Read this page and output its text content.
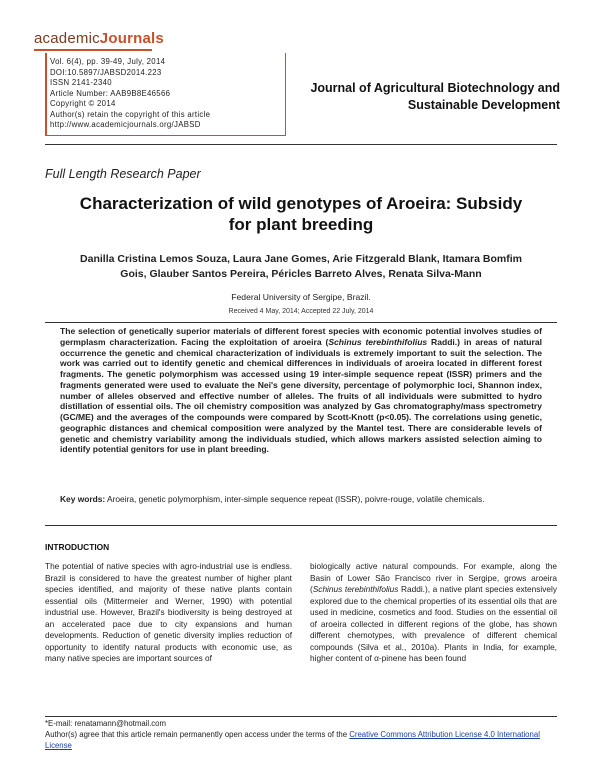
academicJournals
Vol. 6(4), pp. 39-49, July, 2014
DOI:10.5897/JABSD2014.223
ISSN 2141-2340
Article Number: AAB9B8E46566
Copyright © 2014
Author(s) retain the copyright of this article
http://www.academicjournals.org/JABSD
Journal of Agricultural Biotechnology and
Sustainable Development
Full Length Research Paper
Characterization of wild genotypes of Aroeira: Subsidy
for plant breeding
Danilla Cristina Lemos Souza, Laura Jane Gomes, Arie Fitzgerald Blank, Itamara Bomfim
Gois, Glauber Santos Pereira, Péricles Barreto Alves, Renata Silva-Mann
Federal University of Sergipe, Brazil.
Received 4 May, 2014; Accepted 22 July, 2014
The selection of genetically superior materials of different forest species with economic potential involves studies of germplasm characterization. Facing the exploitation of aroeira (Schinus terebinthifolius Raddi.) in areas of natural occurrence the genetic and chemical characterization of individuals is extremely important to suit the selection. The work was carried out to identify genetic and chemical differences in individuals of aroeira located in different forest fragments. The genetic polymorphism was accessed using 19 inter-simple sequence repeat (ISSR) primers and the fragments generated were used to evaluate the Nei's gene diversity, percentage of polymorphic loci, Shannon index, number of alleles observed and effective number of alleles. The fruits of all individuals were submitted to hydro distillation of essential oils. The oil chemistry composition was analyzed by Gas chromatography/mass spectrometry (GC/ME) and the averages of the compounds were compared by Scott-Knott (p<0.05). The correlations using genetic, geographic distances and chemical composition were analyzed by the Mantel test. There are considerable levels of genetic and chemistry variability among the individuals studied, which allows markers assisted selection aiming to identify potential genitors for use in plant breeding.
Key words: Aroeira, genetic polymorphism, inter-simple sequence repeat (ISSR), poivre-rouge, volatile chemicals.
INTRODUCTION
The potential of native species with agro-industrial use is endless. Brazil is considered to have the greatest number of higher plant species identified, and majority of these native plants contain essential oils (Mittermeier and Werner, 1990) with potential industrial use. However, Brazil's biodiversity is being destroyed at an accelerated pace due to city expansions and human developments. Reduction of genetic diversity implies reduction of opportunity to identify natural products with economic use, as many native species are important sources of
biologically active natural compounds. For example, along the Basin of Lower São Francisco river in Sergipe, grows aroeira (Schinus terebinthifolius Raddi.), a native plant species extensively explored due to the chemical properties of its essential oils that are used in medicine, cosmetics and food. Studies on the essential oil of aroeira collected in different regions of the globe, has shown different chemotypes, with prevalence of different chemical compounds (Silva et al., 2010a). Plants in India, for example, higher content of α-pinene has been found
*E-mail: renatamann@hotmail.com
Author(s) agree that this article remain permanently open access under the terms of the Creative Commons Attribution License 4.0 International License
